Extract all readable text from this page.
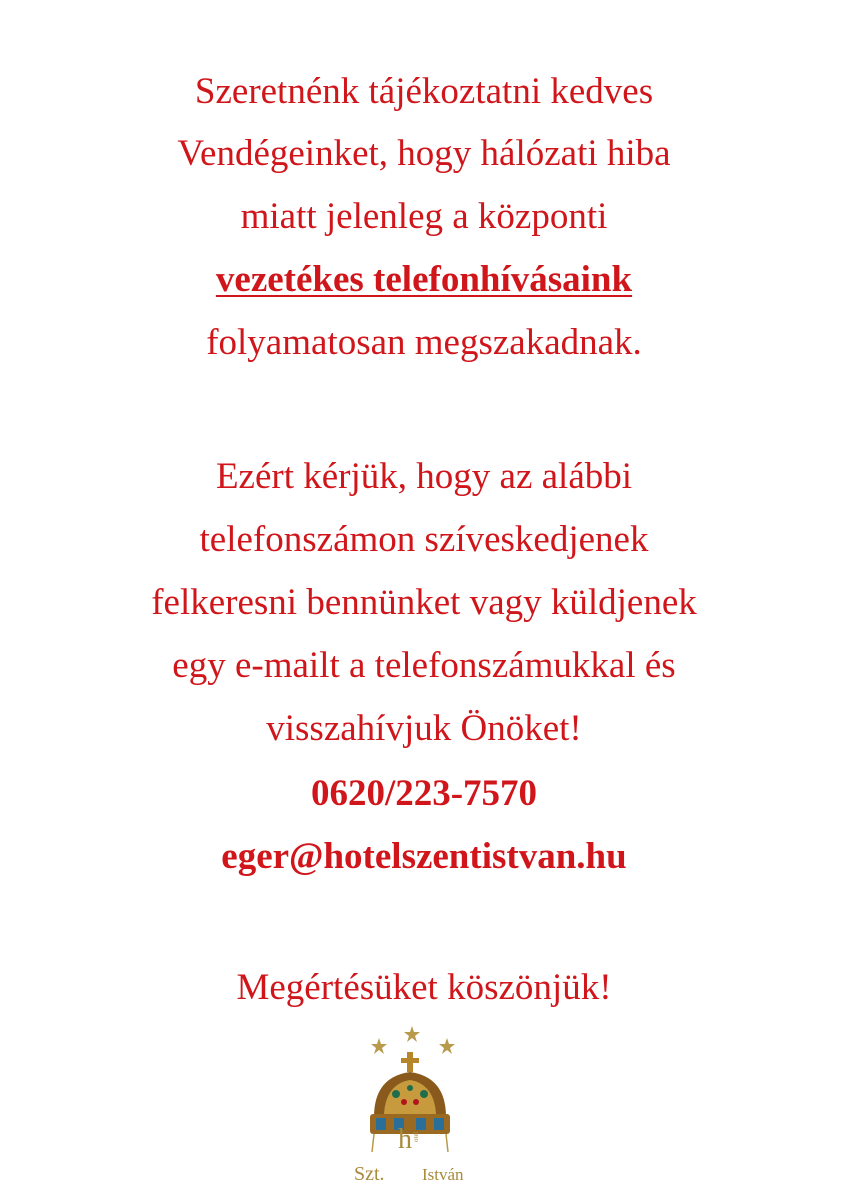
Szeretnénk tájékoztatni kedves
Vendégeinket, hogy hálózati hiba
miatt jelenleg a központi
vezetékes telefonhívásaink
folyamatosan megszakadnak.
Ezért kérjük, hogy az alábbi
telefonszámon szíveskedjenek
felkeresni bennünket vagy küldjenek
egy e-mailt a telefonszámukkal és
visszahívjuk Önöket!
0620/223-7570
eger@hotelszentistvan.hu
Megértésüket köszönjük!
h otel
Szt. István
